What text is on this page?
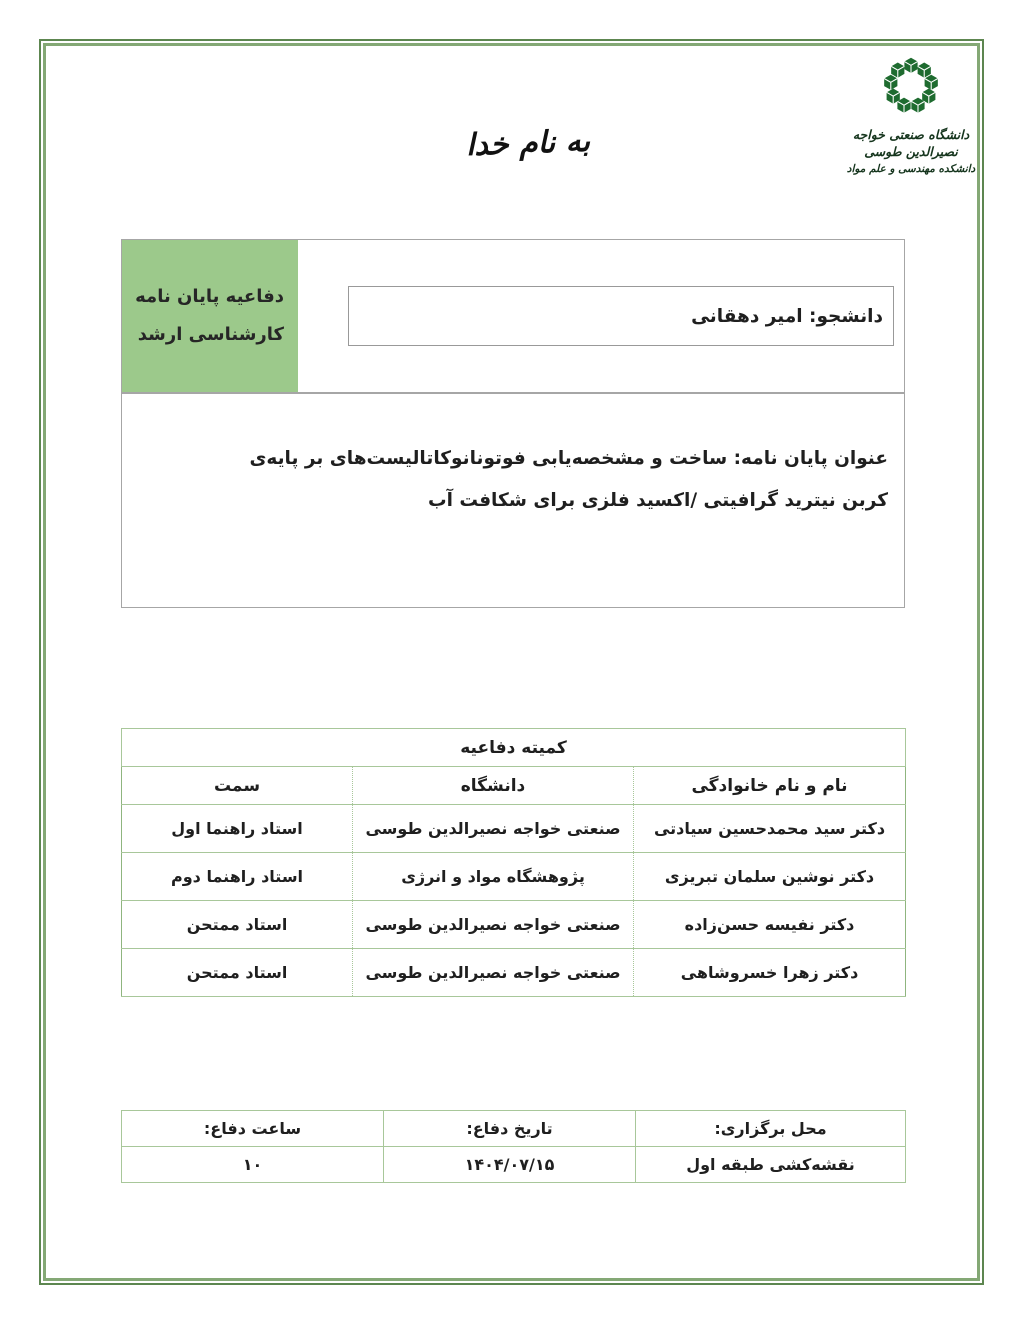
دانشگاه صنعتی خواجه نصیرالدین طوسی
دانشکده مهندسی و علم مواد
به نام خدا
دفاعیه پایان نامه
کارشناسی ارشد
دانشجو: امیر دهقانی

عنوان پایان نامه: ساخت و مشخصه‌یابی فوتونانوکاتالیست‌های بر پایه‌ی کربن نیترید گرافیتی /اکسید فلزی برای شکافت آب

کمیته دفاعیه		
نام و نام خانوادگی	دانشگاه	سمت
دکتر سید محمدحسین سیادتی	صنعتی خواجه نصیرالدین طوسی	استاد راهنما اول
دکتر نوشین سلمان تبریزی	پژوهشگاه مواد و انرژی	استاد راهنما دوم
دکتر نفیسه حسن‌زاده	صنعتی خواجه نصیرالدین طوسی	استاد ممتحن
دکتر زهرا خسروشاهی	صنعتی خواجه نصیرالدین طوسی	استاد ممتحن
محل برگزاری:	تاریخ دفاع:	ساعت دفاع:
نقشه‌کشی طبقه اول	۱۴۰۴/۰۷/۱۵	۱۰
